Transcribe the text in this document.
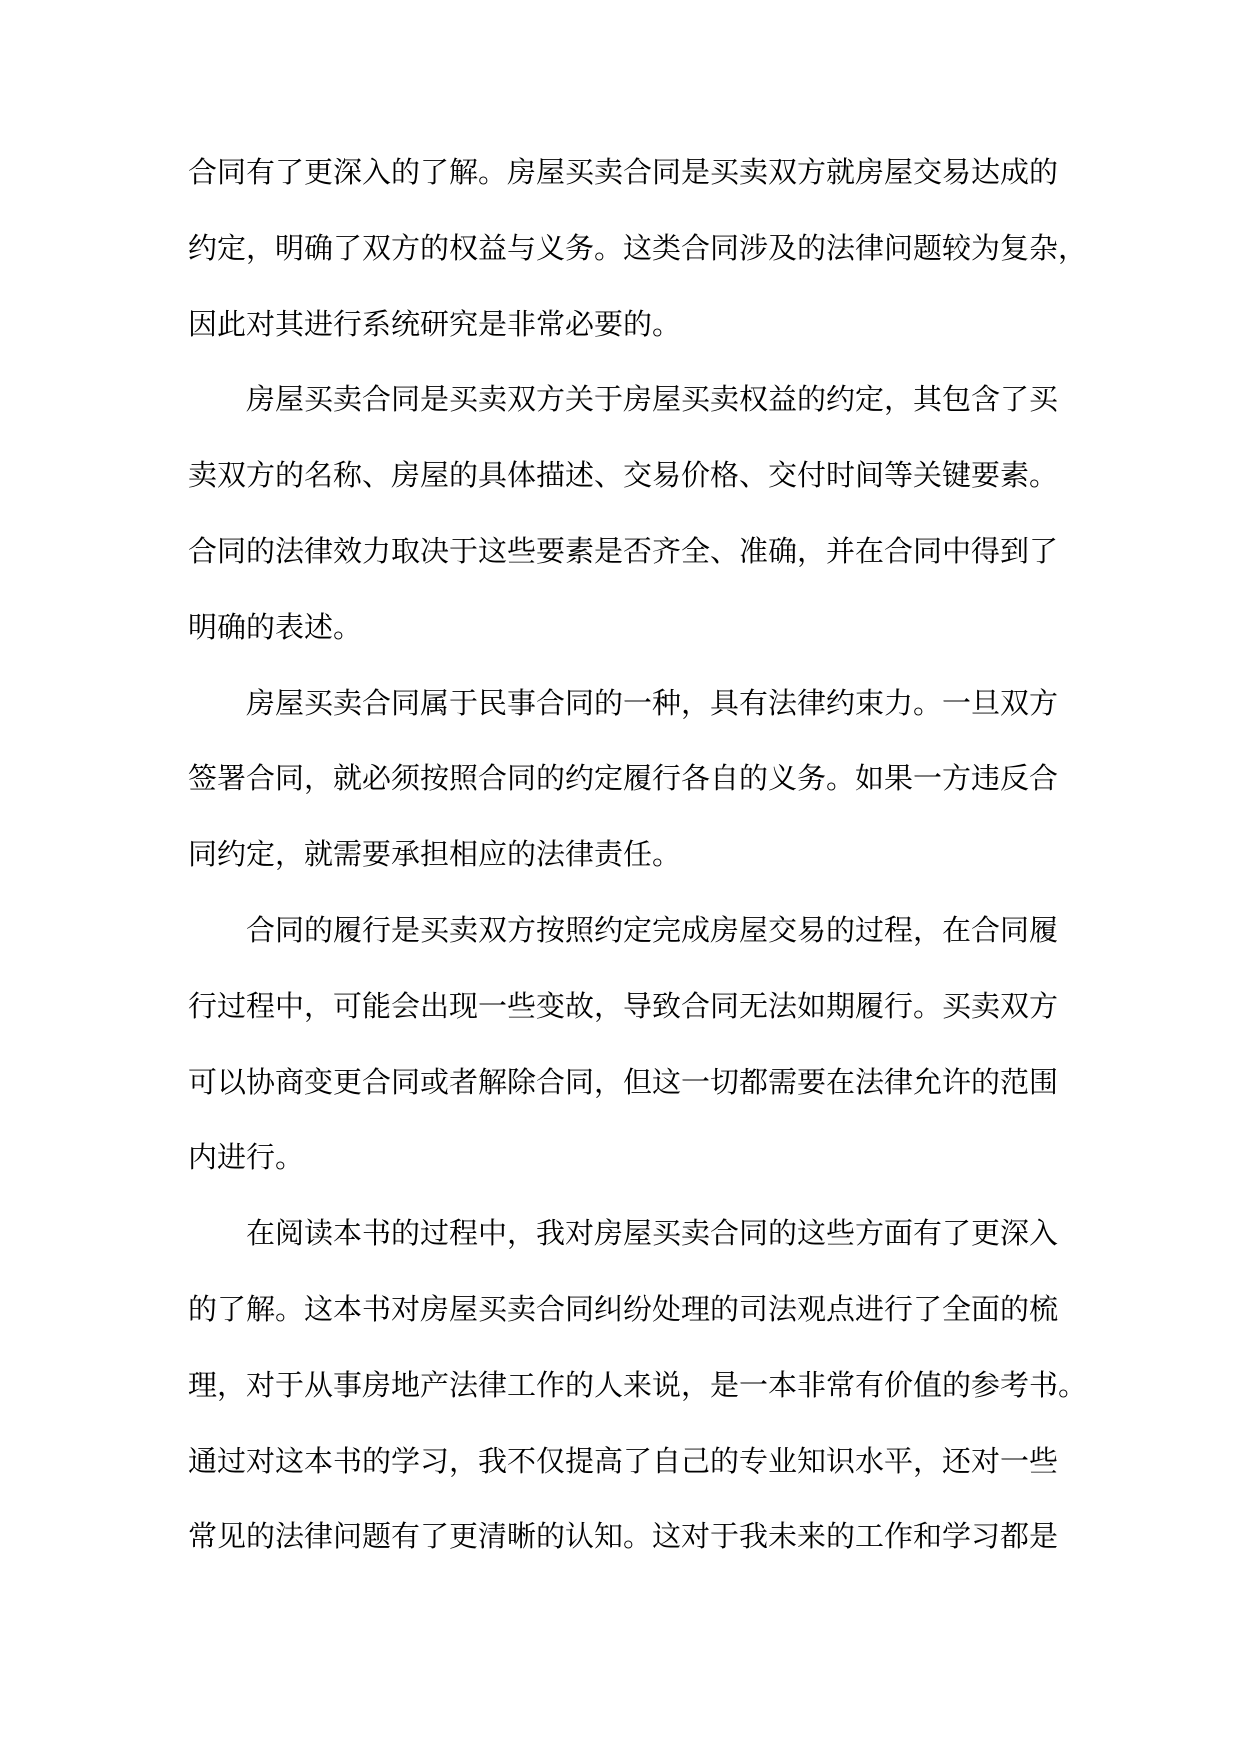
合同有了更深入的了解。房屋买卖合同是买卖双方就房屋交易达成的
约定，明确了双方的权益与义务。这类合同涉及的法律问题较为复杂，
因此对其进行系统研究是非常必要的。
房屋买卖合同是买卖双方关于房屋买卖权益的约定，其包含了买
卖双方的名称、房屋的具体描述、交易价格、交付时间等关键要素。
合同的法律效力取决于这些要素是否齐全、准确，并在合同中得到了
明确的表述。
房屋买卖合同属于民事合同的一种，具有法律约束力。一旦双方
签署合同，就必须按照合同的约定履行各自的义务。如果一方违反合
同约定，就需要承担相应的法律责任。
合同的履行是买卖双方按照约定完成房屋交易的过程，在合同履
行过程中，可能会出现一些变故，导致合同无法如期履行。买卖双方
可以协商变更合同或者解除合同，但这一切都需要在法律允许的范围
内进行。
在阅读本书的过程中，我对房屋买卖合同的这些方面有了更深入
的了解。这本书对房屋买卖合同纠纷处理的司法观点进行了全面的梳
理，对于从事房地产法律工作的人来说，是一本非常有价值的参考书。
通过对这本书的学习，我不仅提高了自己的专业知识水平，还对一些
常见的法律问题有了更清晰的认知。这对于我未来的工作和学习都是
